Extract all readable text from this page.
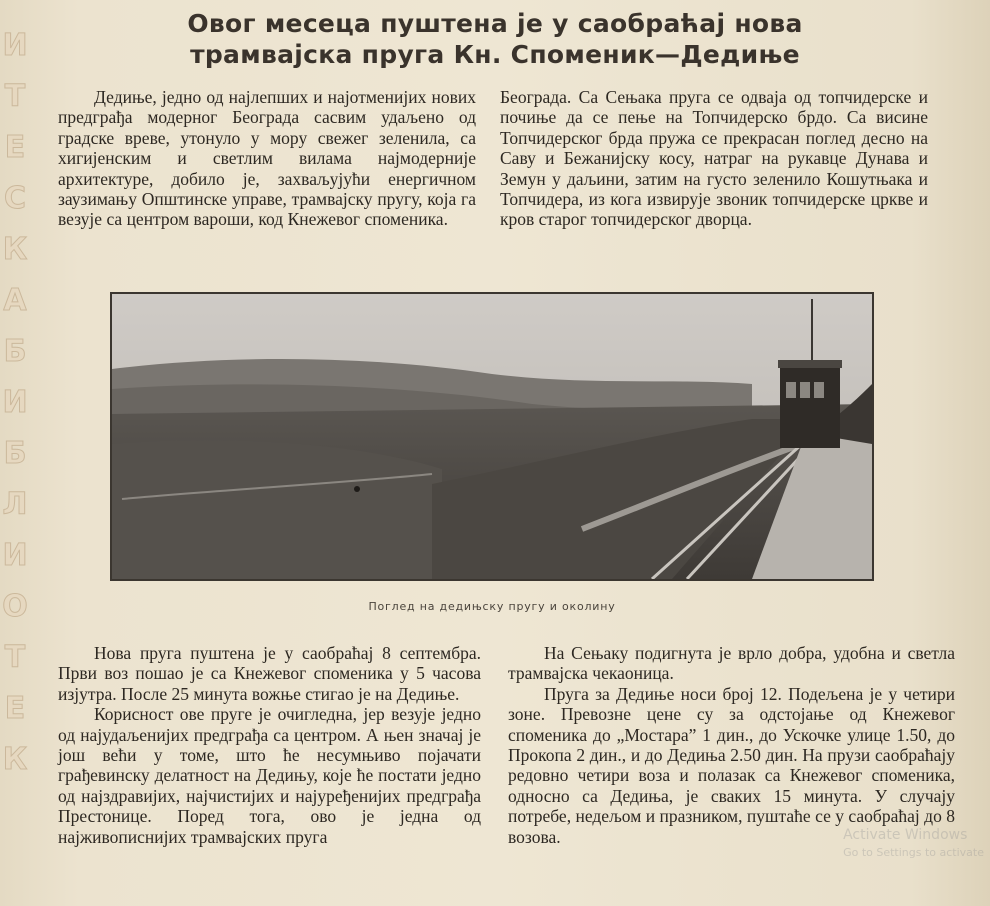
И
Т
Е
С
К
А
Б
И
Б
Л
И
О
Т
Е
К
Овог месеца пуштена је у саобраћај нова
трамвајска пруга Кн. Споменик—Дедиње

Дедиње, једно од најлепших и најотменијих нових предграђа модерног Београда сасвим удаљено од градске вреве, утонуло у мору свежег зеленила, са хигијенским и светлим вилама најмодерније архитектуре, добило је, захваљујући енергичном заузимању Општинске управе, трамвајску пругу, која га везује са центром вароши, код Кнежевог споменика.

Београда. Са Сењака пруга се одваја од топчидерске и почиње да се пење на Топчидерско брдо. Са висине Топчидерског брда пружа се прекрасан поглед десно на Саву и Бежанијску косу, натраг на рукавце Дунава и Земун у даљини, затим на густо зеленило Кошутњака и Топчидера, из кога извирује звоник топчидерске цркве и кров старог топчидерског дворца.

Поглед на дедињску пругу и околину

Нова пруга пуштена је у саобраћај 8 септембра. Први воз пошао је са Кнежевог споменика у 5 часова изјутра. После 25 минута вожње стигао је на Дедиње.

Корисност ове пруге је очигледна, јер везује једно од најудаљенијих предграђа са центром. А њен значај је још већи у томе, што ће несумњиво појачати грађевинску делатност на Дедињу, које ће постати једно од најздравијих, најчистијих и најуређенијих предграђа Престонице. Поред тога, ово је једна од најживописнијих трамвајских пруга

На Сењаку подигнута је врло добра, удобна и светла трамвајска чекаоница.

Пруга за Дедиње носи број 12. Подељена је у четири зоне. Превозне цене су за одстојање од Кнежевог споменика до „Мостара” 1 дин., до Ускочке улице 1.50, до Прокопа 2 дин., и до Дедиња 2.50 дин. На прузи саобраћају редовно четири воза и полазак са Кнежевог споменика, односно са Дедиња, је сваких 15 минута. У случају потребе, недељом и празником, пуштаће се у саобраћај до 8 возова.	Activate Windows
Go to Settings to activate
